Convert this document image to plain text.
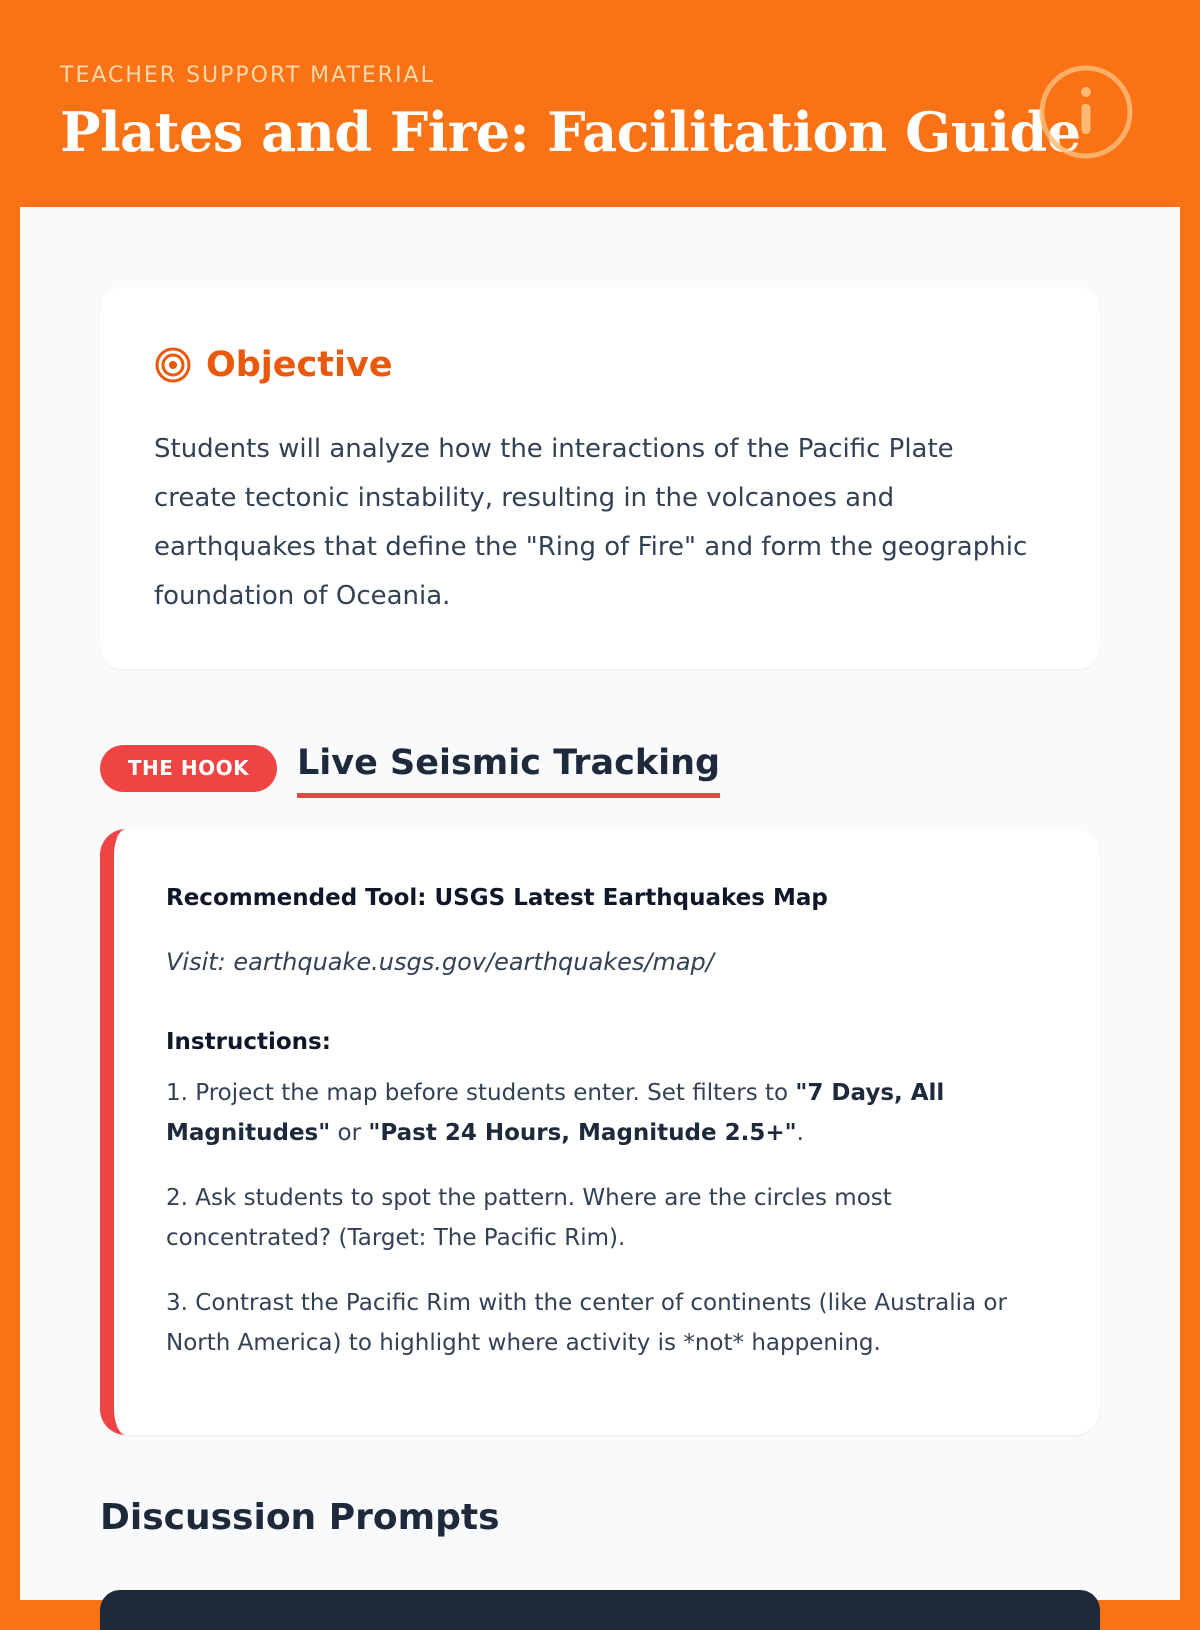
TEACHER SUPPORT MATERIAL
Plates and Fire: Facilitation Guide
Objective

Students will analyze how the interactions of the Pacific Plate create tectonic instability, resulting in the volcanoes and earthquakes that define the "Ring of Fire" and form the geographic foundation of Oceania.

THE HOOK	Live Seismic Tracking

Recommended Tool: USGS Latest Earthquakes Map

Visit: earthquake.usgs.gov/earthquakes/map/

Instructions:

1. Project the map before students enter. Set filters to "7 Days, All Magnitudes" or "Past 24 Hours, Magnitude 2.5+".

2. Ask students to spot the pattern. Where are the circles most concentrated? (Target: The Pacific Rim).

3. Contrast the Pacific Rim with the center of continents (like Australia or North America) to highlight where activity is *not* happening.

Discussion Prompts
